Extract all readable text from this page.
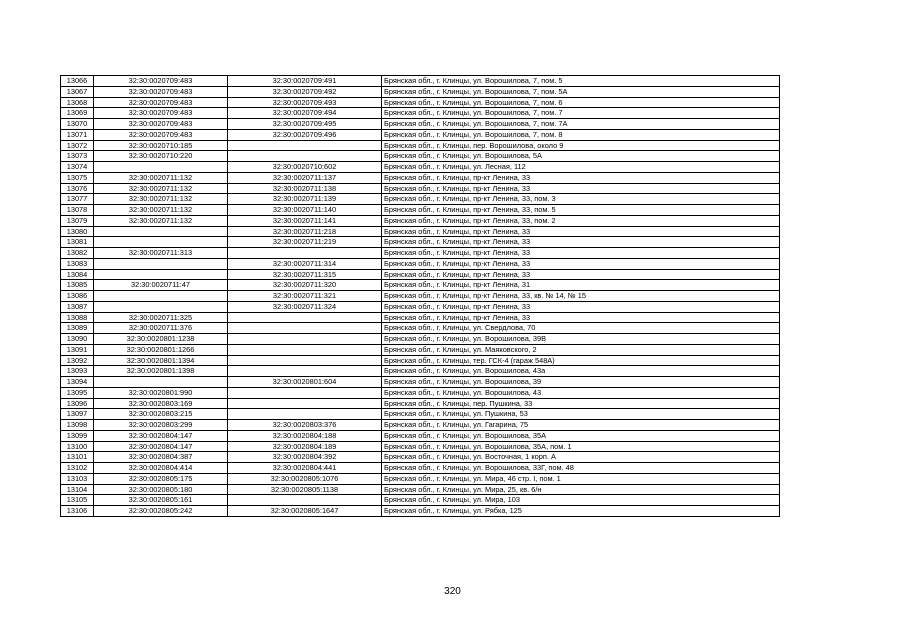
13066	32:30:0020709:483	32:30:0020709:491	Брянская обл., г. Клинцы, ул. Ворошилова, 7, пом. 5
13067	32:30:0020709:483	32:30:0020709:492	Брянская обл., г. Клинцы, ул. Ворошилова, 7, пом. 5А
13068	32:30:0020709:483	32:30:0020709:493	Брянская обл., г. Клинцы, ул. Ворошилова, 7, пом. 6
13069	32:30:0020709:483	32:30:0020709:494	Брянская обл., г. Клинцы, ул. Ворошилова, 7, пом. 7
13070	32:30:0020709:483	32:30:0020709:495	Брянская обл., г. Клинцы, ул. Ворошилова, 7, пом. 7А
13071	32:30:0020709:483	32:30:0020709:496	Брянская обл., г. Клинцы, ул. Ворошилова, 7, пом. 8
13072	32:30:0020710:185		Брянская обл., г. Клинцы, пер. Ворошилова, около 9
13073	32:30:0020710:220		Брянская обл., г. Клинцы, ул. Ворошилова, 5А
13074		32:30:0020710:602	Брянская обл., г. Клинцы, ул. Лесная, 112
13075	32:30:0020711:132	32:30:0020711:137	Брянская обл., г. Клинцы, пр-кт Ленина, 33
13076	32:30:0020711:132	32:30:0020711:138	Брянская обл., г. Клинцы, пр-кт Ленина, 33
13077	32:30:0020711:132	32:30:0020711:139	Брянская обл., г. Клинцы, пр-кт Ленина, 33, пом. 3
13078	32:30:0020711:132	32:30:0020711:140	Брянская обл., г. Клинцы, пр-кт Ленина, 33, пом. 5
13079	32:30:0020711:132	32:30:0020711:141	Брянская обл., г. Клинцы, пр-кт Ленина, 33, пом. 2
13080		32:30:0020711:218	Брянская обл., г. Клинцы, пр-кт Ленина, 33
13081		32:30:0020711:219	Брянская обл., г. Клинцы, пр-кт Ленина, 33
13082	32:30:0020711:313		Брянская обл., г. Клинцы, пр-кт Ленина, 33
13083		32:30:0020711:314	Брянская обл., г. Клинцы, пр-кт Ленина, 33
13084		32:30:0020711:315	Брянская обл., г. Клинцы, пр-кт Ленина, 33
13085	32:30:0020711:47	32:30:0020711:320	Брянская обл., г. Клинцы, пр-кт Ленина, 31
13086		32:30:0020711:321	Брянская обл., г. Клинцы, пр-кт Ленина, 33, кв. № 14, № 15
13087		32:30:0020711:324	Брянская обл., г. Клинцы, пр-кт Ленина, 33
13088	32:30:0020711:325		Брянская обл., г. Клинцы, пр-кт Ленина, 33
13089	32:30:0020711:376		Брянская обл., г. Клинцы, ул. Свердлова, 70
13090	32:30:0020801:1238		Брянская обл., г. Клинцы, ул. Ворошилова, 39В
13091	32:30:0020801:1266		Брянская обл., г. Клинцы, ул. Маяковского, 2
13092	32:30:0020801:1394		Брянская обл., г. Клинцы, тер. ГСК-4 (гараж 548А)
13093	32:30:0020801:1398		Брянская обл., г. Клинцы, ул. Ворошилова, 43а
13094		32:30:0020801:604	Брянская обл., г. Клинцы, ул. Ворошилова, 39
13095	32:30:0020801:990		Брянская обл., г. Клинцы, ул. Ворошилова, 43
13096	32:30:0020803:169		Брянская обл., г. Клинцы, пер. Пушкина, 33
13097	32:30:0020803:215		Брянская обл., г. Клинцы, ул. Пушкина, 53
13098	32:30:0020803:299	32:30:0020803:376	Брянская обл., г. Клинцы, ул. Гагарина, 75
13099	32:30:0020804:147	32:30:0020804:188	Брянская обл., г. Клинцы, ул. Ворошилова, 35А
13100	32:30:0020804:147	32:30:0020804:189	Брянская обл., г. Клинцы, ул. Ворошилова, 35А, пом. 1
13101	32:30:0020804:387	32:30:0020804:392	Брянская обл., г. Клинцы, ул. Восточная, 1 корп. А
13102	32:30:0020804:414	32:30:0020804:441	Брянская обл., г. Клинцы, ул. Ворошилова, 33Г, пом. 48
13103	32:30:0020805:175	32:30:0020805:1076	Брянская обл., г. Клинцы, ул. Мира, 46 стр. I, пом. 1
13104	32:30:0020805:180	32:30:0020805:1138	Брянская обл., г. Клинцы, ул. Мира, 25, кв. 6/н
13105	32:30:0020805:161		Брянская обл., г. Клинцы, ул. Мира, 103
13106	32:30:0020805:242	32:30:0020805:1647	Брянская обл., г. Клинцы, ул. Рябка, 125
320
